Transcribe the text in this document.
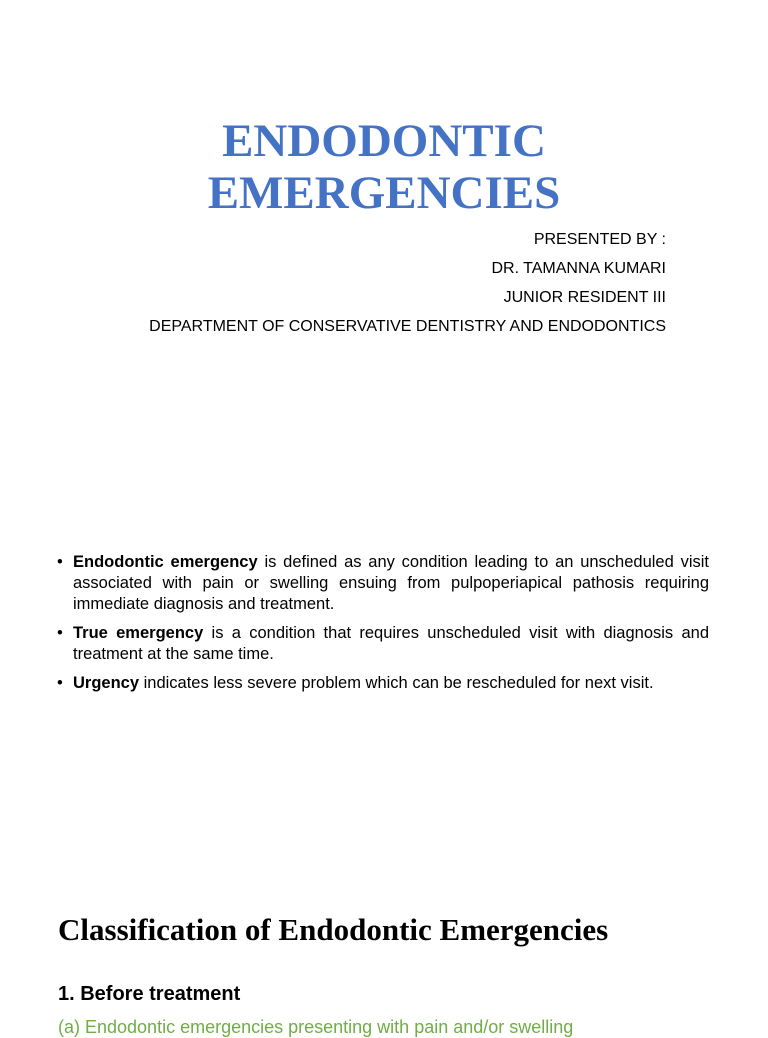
ENDODONTIC
EMERGENCIES
PRESENTED BY :
DR. TAMANNA KUMARI
JUNIOR RESIDENT III
DEPARTMENT OF CONSERVATIVE DENTISTRY AND ENDODONTICS
• Endodontic emergency is defined as any condition leading to an unscheduled visit associated with pain or swelling ensuing from pulpoperiapical pathosis requiring immediate diagnosis and treatment.
• True emergency is a condition that requires unscheduled visit with diagnosis and treatment at the same time.
• Urgency indicates less severe problem which can be rescheduled for next visit.
Classification of Endodontic Emergencies
1. Before treatment
(a) Endodontic emergencies presenting with pain and/or swelling
